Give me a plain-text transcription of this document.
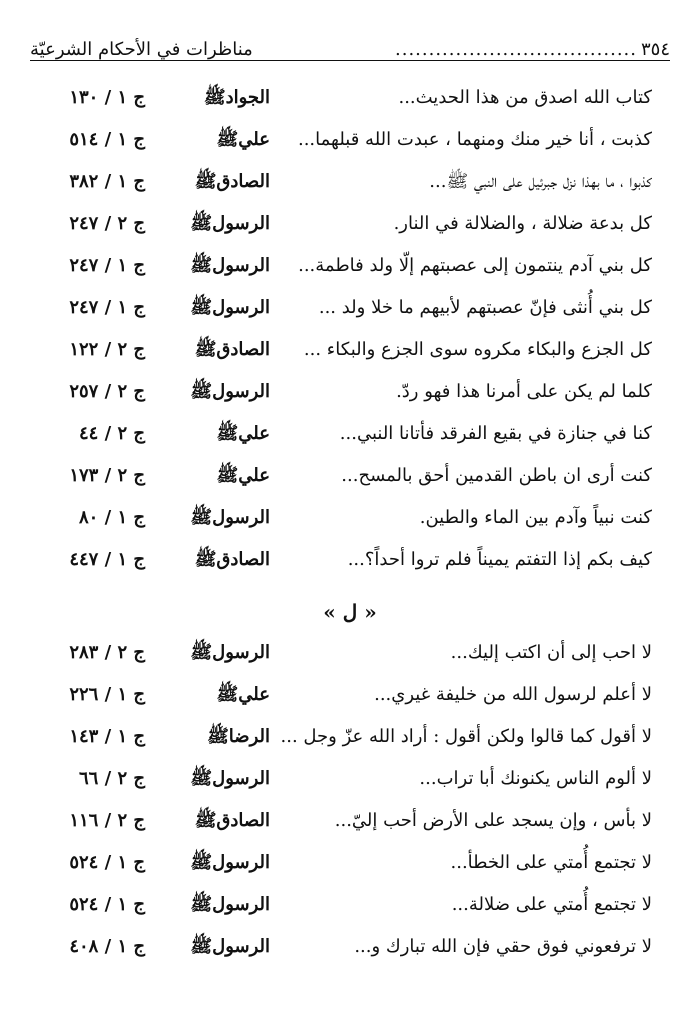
٣٥٤
....................................
مناظرات في الأحكام الشرعيّة
كتاب الله اصدق من هذا الحديث...
الجوادﷺ
ج ١ / ١٣٠
كذبت ، أنا خير منك ومنهما ، عبدت الله قبلهما...
عليﷺ
ج ١ / ٥١٤
كذبوا ، ما بهذا نزل جبرئيل على النبي ﷺ...
الصادقﷺ
ج ١ / ٣٨٢
كل بدعة ضلالة ، والضلالة في النار.
الرسولﷺ
ج ٢ / ٢٤٧
كل بني آدم ينتمون إلى عصبتهم إلّا ولد فاطمة...
الرسولﷺ
ج ١ / ٢٤٧
كل بني أُنثى فإنّ عصبتهم لأبيهم ما خلا ولد ...
الرسولﷺ
ج ١ / ٢٤٧
كل الجزع والبكاء مكروه سوى الجزع والبكاء ...
الصادقﷺ
ج ٢ / ١٢٢
كلما لم يكن على أمرنا هذا فهو ردّ.
الرسولﷺ
ج ٢ / ٢٥٧
كنا في جنازة في بقيع الفرقد فأتانا النبي...
عليﷺ
ج ٢ / ٤٤
كنت أرى ان باطن القدمين أحق بالمسح...
عليﷺ
ج ٢ / ١٧٣
كنت نبياً وآدم بين الماء والطين.
الرسولﷺ
ج ١ / ٨٠
كيف بكم إذا التفتم يميناً فلم تروا أحداً؟...
الصادقﷺ
ج ١ / ٤٤٧
لا احب إلى أن اكتب إليك...
الرسولﷺ
ج ٢ / ٢٨٣
لا أعلم لرسول الله من خليفة غيري...
عليﷺ
ج ١ / ٢٢٦
لا أقول كما قالوا ولكن أقول : أراد الله عزّ وجل ...
الرضاﷺ
ج ١ / ١٤٣
لا ألوم الناس يكنونك أبا تراب...
الرسولﷺ
ج ٢ / ٦٦
لا بأس ، وإن يسجد على الأرض أحب إليّ...
الصادقﷺ
ج ٢ / ١١٦
لا تجتمع أُمتي على الخطأ...
الرسولﷺ
ج ١ / ٥٢٤
لا تجتمع أُمتي على ضلالة...
الرسولﷺ
ج ١ / ٥٢٤
لا ترفعوني فوق حقي فإن الله تبارك و...
الرسولﷺ
ج ١ / ٤٠٨
« ل »
